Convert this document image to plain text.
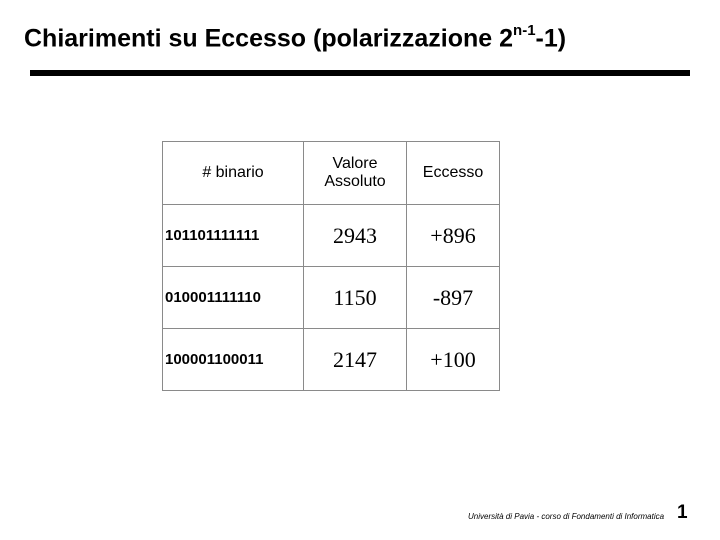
Chiarimenti su Eccesso (polarizzazione 2$^{n-1}$-1)
# binario	Valore Assoluto	Eccesso
101101111111	2943	+896
010001111110	1150	-897
100001100011	2147	+100
Università di Pavia - corso di Fondamenti di Informatica 1
